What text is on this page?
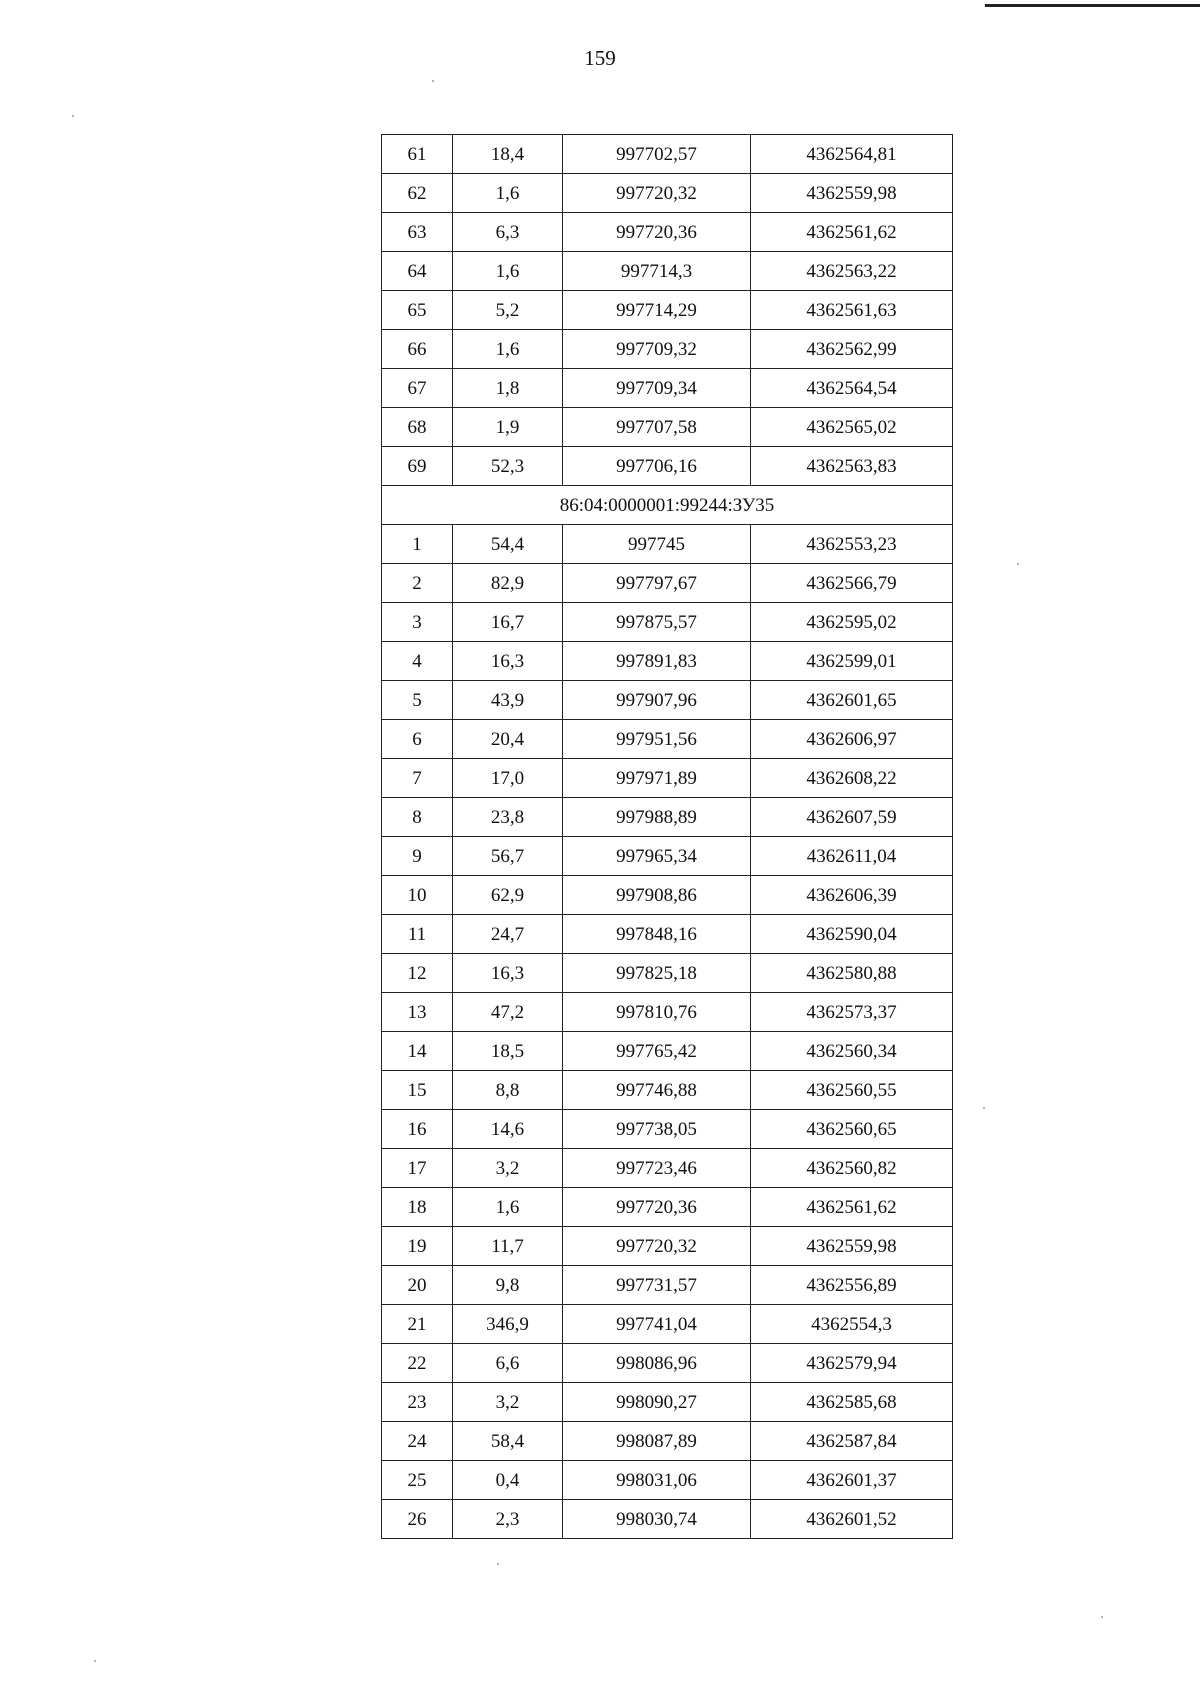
159
61	18,4	997702,57	4362564,81
62	1,6	997720,32	4362559,98
63	6,3	997720,36	4362561,62
64	1,6	997714,3	4362563,22
65	5,2	997714,29	4362561,63
66	1,6	997709,32	4362562,99
67	1,8	997709,34	4362564,54
68	1,9	997707,58	4362565,02
69	52,3	997706,16	4362563,83
86:04:0000001:99244:ЗУ35			
1	54,4	997745	4362553,23
2	82,9	997797,67	4362566,79
3	16,7	997875,57	4362595,02
4	16,3	997891,83	4362599,01
5	43,9	997907,96	4362601,65
6	20,4	997951,56	4362606,97
7	17,0	997971,89	4362608,22
8	23,8	997988,89	4362607,59
9	56,7	997965,34	4362611,04
10	62,9	997908,86	4362606,39
11	24,7	997848,16	4362590,04
12	16,3	997825,18	4362580,88
13	47,2	997810,76	4362573,37
14	18,5	997765,42	4362560,34
15	8,8	997746,88	4362560,55
16	14,6	997738,05	4362560,65
17	3,2	997723,46	4362560,82
18	1,6	997720,36	4362561,62
19	11,7	997720,32	4362559,98
20	9,8	997731,57	4362556,89
21	346,9	997741,04	4362554,3
22	6,6	998086,96	4362579,94
23	3,2	998090,27	4362585,68
24	58,4	998087,89	4362587,84
25	0,4	998031,06	4362601,37
26	2,3	998030,74	4362601,52
